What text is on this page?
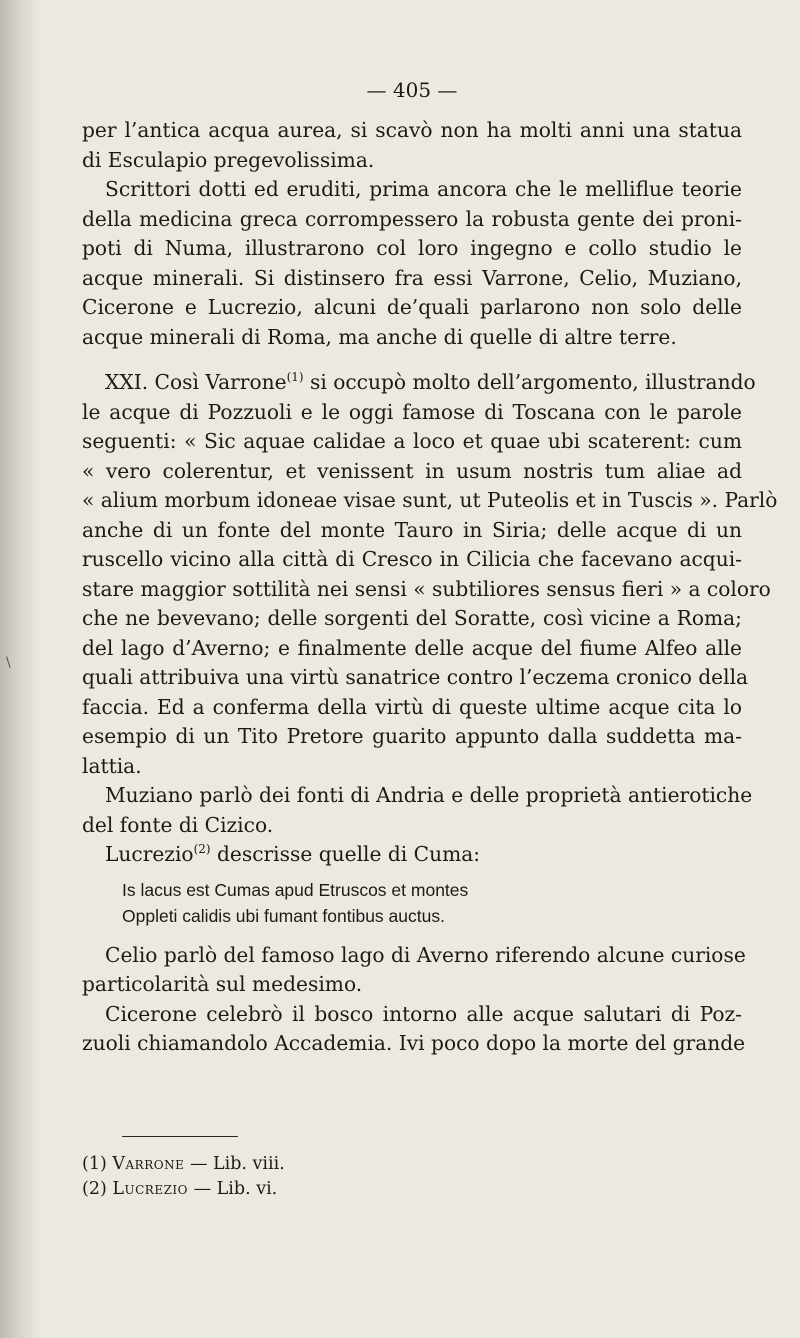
\
— 405 —
per l’antica acqua aurea, si scavò non ha molti anni una statua
di Esculapio pregevolissima.
Scrittori dotti ed eruditi, prima ancora che le melliflue teorie
della medicina greca corrompessero la robusta gente dei proni-
poti di Numa, illustrarono col loro ingegno e collo studio le
acque minerali. Si distinsero fra essi Varrone, Celio, Muziano,
Cicerone e Lucrezio, alcuni de’quali parlarono non solo delle
acque minerali di Roma, ma anche di quelle di altre terre.
XXI. Così Varrone$^{(1)}$ si occupò molto dell’argomento, illustrando
le acque di Pozzuoli e le oggi famose di Toscana con le parole
seguenti: « Sic aquae calidae a loco et quae ubi scaterent: cum
« vero colerentur, et venissent in usum nostris tum aliae ad
« alium morbum idoneae visae sunt, ut Puteolis et in Tuscis ». Parlò
anche di un fonte del monte Tauro in Siria; delle acque di un
ruscello vicino alla città di Cresco in Cilicia che facevano acqui-
stare maggior sottilità nei sensi « subtiliores sensus fieri » a coloro
che ne bevevano; delle sorgenti del Soratte, così vicine a Roma;
del lago d’Averno; e finalmente delle acque del fiume Alfeo alle
quali attribuiva una virtù sanatrice contro l’eczema cronico della
faccia. Ed a conferma della virtù di queste ultime acque cita lo
esempio di un Tito Pretore guarito appunto dalla suddetta ma-
lattia.
Muziano parlò dei fonti di Andria e delle proprietà antierotiche
del fonte di Cizico.
Lucrezio$^{(2)}$ descrisse quelle di Cuma:
Is lacus est Cumas apud Etruscos et montes
Oppleti calidis ubi fumant fontibus auctus.
Celio parlò del famoso lago di Averno riferendo alcune curiose
particolarità sul medesimo.
Cicerone celebrò il bosco intorno alle acque salutari di Poz-
zuoli chiamandolo Accademia. Ivi poco dopo la morte del grande
(1) Varrone — Lib. viii.
(2) Lucrezio — Lib. vi.
